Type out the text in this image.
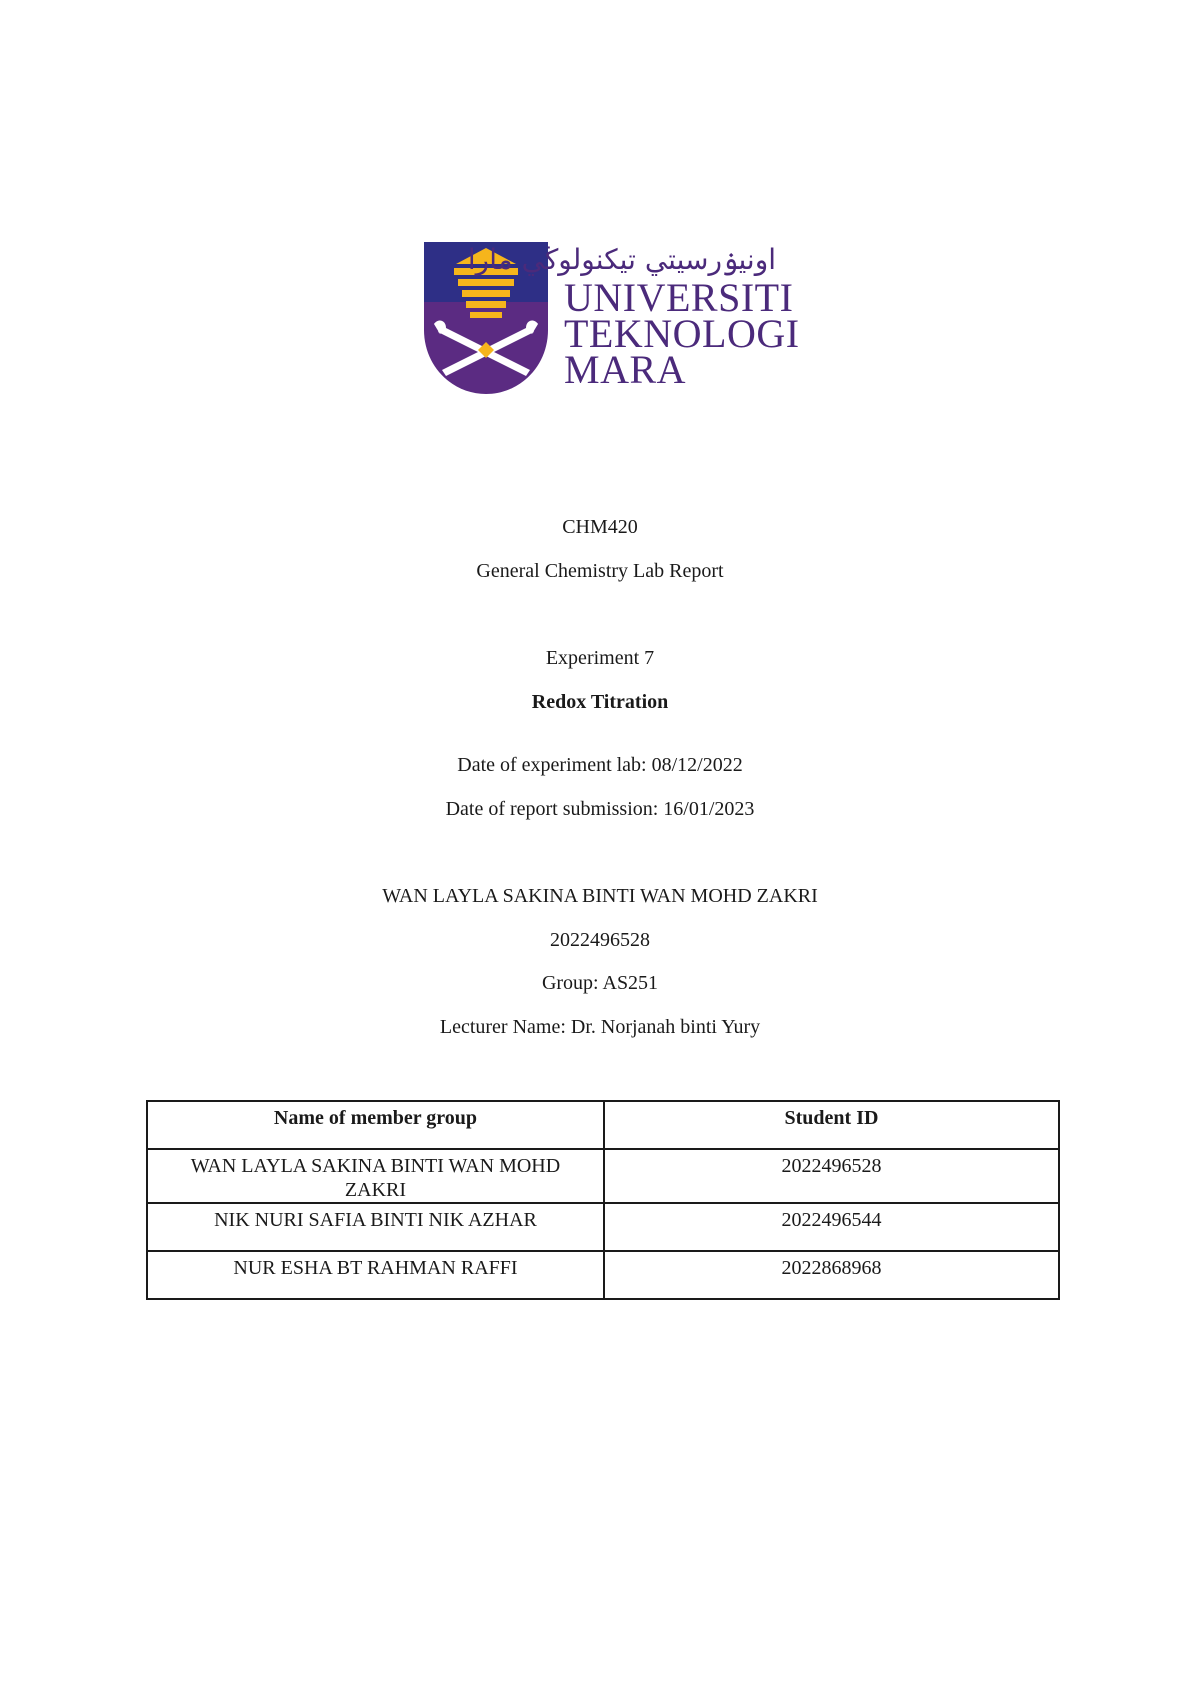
اونيۏرسيتي تيکنولوڬي مارا
UNIVERSITI
TEKNOLOGI
MARA
CHM420
General Chemistry Lab Report
Experiment 7
Redox Titration
Date of experiment lab: 08/12/2022
Date of report submission: 16/01/2023
WAN LAYLA SAKINA BINTI WAN MOHD ZAKRI
2022496528
Group: AS251
Lecturer Name: Dr. Norjanah binti Yury
Name of member group	Student ID
WAN LAYLA SAKINA BINTI WAN MOHD ZAKRI	2022496528
NIK NURI SAFIA BINTI NIK AZHAR	2022496544
NUR ESHA BT RAHMAN RAFFI	2022868968
